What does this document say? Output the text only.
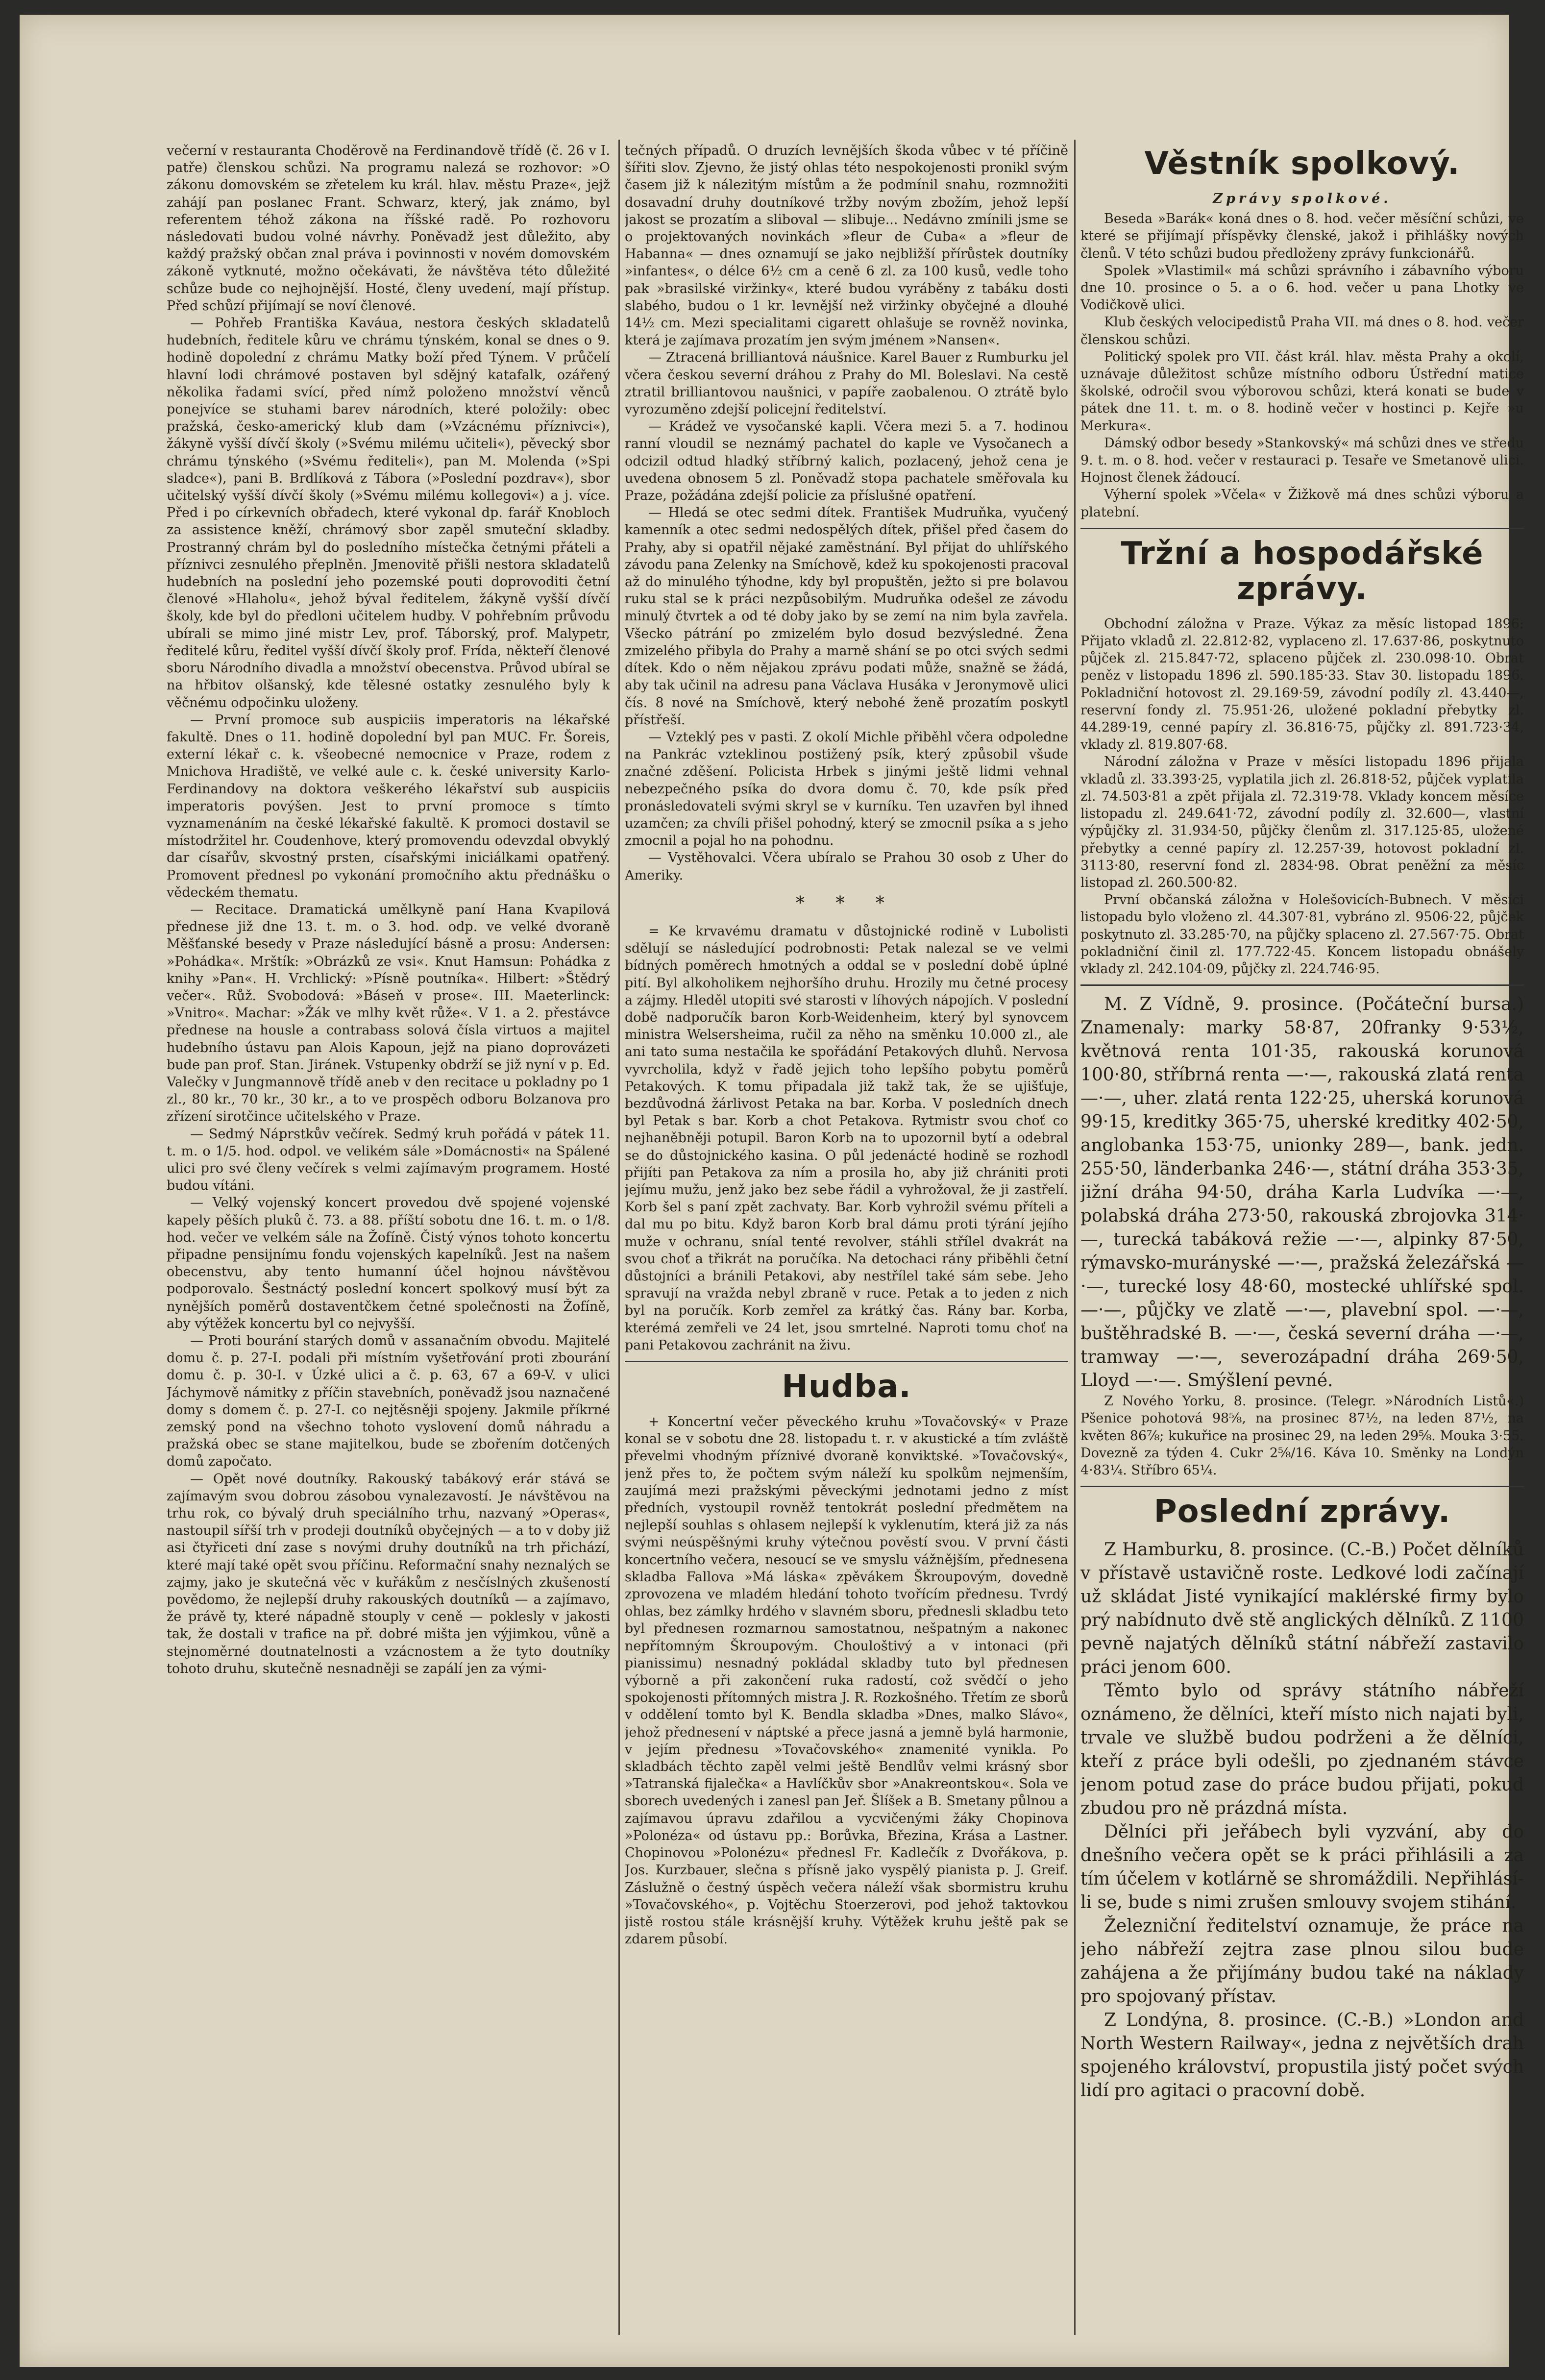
večerní v restauranta Choděrově na Ferdinandově třídě (č. 26 v I. patře) členskou schůzi. Na programu nalezá se rozhovor: »O zákonu domovském se zřetelem ku král. hlav. městu Praze«, jejž zahájí pan poslanec Frant. Schwarz, který, jak známo, byl referentem téhož zákona na říšské radě. Po rozhovoru následovati budou volné návrhy. Poněvadž jest důležito, aby každý pražský občan znal práva i povinnosti v novém domovském zákoně vytknuté, možno očekávati, že návštěva této důležité schůze bude co nejhojnější. Hosté, členy uvedení, mají přístup. Před schůzí přijímají se noví členové.

— Pohřeb Františka Kaváua, nestora českých skladatelů hudebních, ředitele kůru ve chrámu týnském, konal se dnes o 9. hodině dopolední z chrámu Matky boží před Týnem. V průčelí hlavní lodi chrámové postaven byl sdějný katafalk, ozářený několika řadami svící, před nímž položeno množství věnců ponejvíce se stuhami barev národních, které položily: obec pražská, česko-americký klub dam (»Vzácnému příznivci«), žákyně vyšší dívčí školy (»Svému milému učiteli«), pěvecký sbor chrámu týnského (»Svému řediteli«), pan M. Molenda (»Spi sladce«), pani B. Brdlíková z Tábora (»Poslední pozdrav«), sbor učitelský vyšší dívčí školy (»Svému milému kollegovi«) a j. více. Před i po církevních obřadech, které vykonal dp. farář Knobloch za assistence kněží, chrámový sbor zapěl smuteční skladby. Prostranný chrám byl do posledního místečka četnými přáteli a příznivci zesnulého přeplněn. Jmenovitě přišli nestora skladatelů hudebních na poslední jeho pozemské pouti doprovoditi četní členové »Hlaholu«, jehož býval ředitelem, žákyně vyšší dívčí školy, kde byl do předloni učitelem hudby. V pohřebním průvodu ubírali se mimo jiné mistr Lev, prof. Táborský, prof. Malypetr, ředitelé kůru, ředitel vyšší dívčí školy prof. Frída, někteří členové sboru Národního divadla a množství obecenstva. Průvod ubíral se na hřbitov olšanský, kde tělesné ostatky zesnulého byly k věčnému odpočinku uloženy.

— První promoce sub auspiciis imperatoris na lékařské fakultě. Dnes o 11. hodině dopolední byl pan MUC. Fr. Šoreis, externí lékař c. k. všeobecné nemocnice v Praze, rodem z Mnichova Hradiště, ve velké aule c. k. české university Karlo-Ferdinandovy na doktora veškerého lékařství sub auspiciis imperatoris povýšen. Jest to první promoce s tímto vyznamenáním na české lékařské fakultě. K promoci dostavil se místodržitel hr. Coudenhove, který promovendu odevzdal obvyklý dar císařův, skvostný prsten, císařskými iniciálkami opatřený. Promovent přednesl po vykonání promočního aktu přednášku o vědeckém thematu.

— Recitace. Dramatická umělkyně paní Hana Kvapilová přednese již dne 13. t. m. o 3. hod. odp. ve velké dvoraně Měšťanské besedy v Praze následující básně a prosu: Andersen: »Pohádka«. Mrštík: »Obrázků ze vsi«. Knut Hamsun: Pohádka z knihy »Pan«. H. Vrchlický: »Písně poutníka«. Hilbert: »Štědrý večer«. Růž. Svobodová: »Báseň v prose«. III. Maeterlinck: »Vnitro«. Machar: »Žák ve mlhy květ růže«. V 1. a 2. přestávce přednese na housle a contrabass solová čísla virtuos a majitel hudebního ústavu pan Alois Kapoun, jejž na piano doprovázeti bude pan prof. Stan. Jiránek. Vstupenky obdrží se již nyní v p. Ed. Valečky v Jungmannově třídě aneb v den recitace u pokladny po 1 zl., 80 kr., 70 kr., 30 kr., a to ve prospěch odboru Bolzanova pro zřízení sirotčince učitelského v Praze.

— Sedmý Náprstkův večírek. Sedmý kruh pořádá v pátek 11. t. m. o 1/5. hod. odpol. ve velikém sále »Domácnosti« na Spálené ulici pro své členy večírek s velmi zajímavým programem. Hosté budou vítáni.

— Velký vojenský koncert provedou dvě spojené vojenské kapely pěších pluků č. 73. a 88. příští sobotu dne 16. t. m. o 1/8. hod. večer ve velkém sále na Žofíně. Čistý výnos tohoto koncertu připadne pensijnímu fondu vojenských kapelníků. Jest na našem obecenstvu, aby tento humanní účel hojnou návštěvou podporovalo. Šestnáctý poslední koncert spolkový musí být za nynějších poměrů dostaventčkem četné společnosti na Žofíně, aby výtěžek koncertu byl co nejvyšší.

— Proti bourání starých domů v assanačním obvodu. Majitelé domu č. p. 27-I. podali při místním vyšetřování proti zbourání domu č. p. 30-I. v Úzké ulici a č. p. 63, 67 a 69-V. v ulici Jáchymově námitky z příčin stavebních, poněvadž jsou naznačené domy s domem č. p. 27-I. co nejtěsněji spojeny. Jakmile příkrné zemský pond na všechno tohoto vyslovení domů náhradu a pražská obec se stane majitelkou, bude se zbořením dotčených domů započato.

— Opět nové doutníky. Rakouský tabákový erár stává se zajímavým svou dobrou zásobou vynalezavostí. Je návštěvou na trhu rok, co bývalý druh speciálního trhu, nazvaný »Operas«, nastoupil sířší trh v prodeji doutníků obyčejných — a to v doby již asi čtyřiceti dní zase s novými druhy doutníků na trh přichází, které mají také opět svou příčinu. Reformační snahy neznalých se zajmy, jako je skutečná věc v kuřákům z nesčíslných zkušeností povědomo, že nejlepší druhy rakouských doutníků — a zajímavo, že právě ty, které nápadně stouply v ceně — poklesly v jakosti tak, že dostali v trafice na př. dobré mišta jen výjimkou, vůně a stejnoměrné doutnatelnosti a vzácnostem a že tyto doutníky tohoto druhu, skutečně nesnadněji se zapálí jen za vými-

tečných případů. O druzích levnějších škoda vůbec v té příčině šířiti slov. Zjevno, že jistý ohlas této nespokojenosti pronikl svým časem již k nálezitým místům a že podmínil snahu, rozmnožiti dosavadní druhy doutníkové tržby novým zbožím, jehož lepší jakost se prozatím a sliboval — slibuje... Nedávno zmínili jsme se o projektovaných novinkách »fleur de Cuba« a »fleur de Habanna« — dnes oznamují se jako nejbližší přírůstek doutníky »infantes«, o délce 6½ cm a ceně 6 zl. za 100 kusů, vedle toho pak »brasilské viržinky«, které budou vyráběny z tabáku dosti slabého, budou o 1 kr. levnější než viržinky obyčejné a dlouhé 14½ cm. Mezi specialitami cigarett ohlašuje se rovněž novinka, která je zajímava prozatím jen svým jménem »Nansen«.

— Ztracená brilliantová náušnice. Karel Bauer z Rumburku jel včera českou severní dráhou z Prahy do Ml. Boleslavi. Na cestě ztratil brilliantovou naušnici, v papíře zaobalenou. O ztrátě bylo vyrozuměno zdejší policejní ředitelství.

— Krádež ve vysočanské kapli. Včera mezi 5. a 7. hodinou ranní vloudil se neznámý pachatel do kaple ve Vysočanech a odcizil odtud hladký stříbrný kalich, pozlacený, jehož cena je uvedena obnosem 5 zl. Poněvadž stopa pachatele směřovala ku Praze, požádána zdejší policie za příslušné opatření.

— Hledá se otec sedmi dítek. František Mudruňka, vyučený kamenník a otec sedmi nedospělých dítek, přišel před časem do Prahy, aby si opatřil nějaké zaměstnání. Byl přijat do uhlířského závodu pana Zelenky na Smíchově, kdež ku spokojenosti pracoval až do minulého týhodne, kdy byl propuštěn, ježto si pre bolavou ruku stal se k práci nezpůsobilým. Mudruňka odešel ze závodu minulý čtvrtek a od té doby jako by se zemí na nim byla zavřela. Všecko pátrání po zmizelém bylo dosud bezvýsledné. Žena zmizelého přibyla do Prahy a marně shání se po otci svých sedmi dítek. Kdo o něm nějakou zprávu podati může, snažně se žádá, aby tak učinil na adresu pana Václava Husáka v Jeronymově ulici čís. 8 nové na Smíchově, který nebohé ženě prozatím poskytl přístřeší.

— Vzteklý pes v pasti. Z okolí Michle přiběhl včera odpoledne na Pankrác vzteklinou postižený psík, který způsobil všude značné zděšení. Policista Hrbek s jinými ještě lidmi vehnal nebezpečného psíka do dvora domu č. 70, kde psík před pronásledovateli svými skryl se v kurníku. Ten uzavřen byl ihned uzamčen; za chvíli přišel pohodný, který se zmocnil psíka a s jeho zmocnil a pojal ho na pohodnu.

— Vystěhovalci. Včera ubíralo se Prahou 30 osob z Uher do Ameriky.

* * *

= Ke krvavému dramatu v důstojnické rodině v Lubolisti sdělují se následující podrobnosti: Petak nalezal se ve velmi bídných poměrech hmotných a oddal se v poslední době úplné pití. Byl alkoholikem nejhoršího druhu. Hrozily mu četné procesy a zájmy. Hleděl utopiti své starosti v líhových nápojích. V poslední době nadporučík baron Korb-Weidenheim, který byl synovcem ministra Welsersheima, ručil za něho na směnku 10.000 zl., ale ani tato suma nestačila ke spořádání Petakových dluhů. Nervosa vyvrcholila, když v řadě jejich toho lepšího pobytu poměrů Petakových. K tomu připadala již takž tak, že se ujišťuje, bezdůvodná žárlivost Petaka na bar. Korba. V posledních dnech byl Petak s bar. Korb a chot Petakova. Rytmistr svou choť co nejhaněbněji potupil. Baron Korb na to upozornil bytí a odebral se do důstojnického kasina. O půl jedenácté hodině se rozhodl přijíti pan Petakova za ním a prosila ho, aby již chrániti proti jejímu mužu, jenž jako bez sebe řádil a vyhrožoval, že ji zastřelí. Korb šel s paní zpět zachvaty. Bar. Korb vyhrožil svému příteli a dal mu po bitu. Když baron Korb bral dámu proti týrání jejího muže v ochranu, sníal tenté revolver, stáhli střílel dvakrát na svou choť a třikrát na poručíka. Na detochaci rány přiběhli četní důstojníci a bránili Petakovi, aby nestřílel také sám sebe. Jeho spravují na vražda nebyl zbraně v ruce. Petak a to jeden z nich byl na poručík. Korb zemřel za krátký čas. Rány bar. Korba, kterémá zemřeli ve 24 let, jsou smrtelné. Naproti tomu choť na pani Petakovou zachránit na živu.

Hudba.

+ Koncertní večer pěveckého kruhu »Tovačovský« v Praze konal se v sobotu dne 28. listopadu t. r. v akustické a tím zvláště převelmi vhodným příznivé dvoraně konviktské. »Tovačovský«, jenž přes to, že počtem svým náleží ku spolkům nejmenším, zaujímá mezi pražskými pěveckými jednotami jedno z míst předních, vystoupil rovněž tentokrát poslední předmětem na nejlepší souhlas s ohlasem nejlepší k vyklenutím, která již za nás svými neúspěšnými kruhy výtečnou pověstí svou. V první části koncertního večera, nesoucí se ve smyslu vážnějším, přednesena skladba Fallova »Má láska« zpěvákem Škroupovým, dovedně zprovozena ve mladém hledání tohoto tvořícím přednesu. Tvrdý ohlas, bez zámlky hrdého v slavném sboru, přednesli skladbu teto byl přednesen rozmarnou samostatnou, nešpatným a nakonec nepřítomným Škroupovým. Chouloštivý a v intonaci (při pianissimu) nesnadný pokládal skladby tuto byl přednesen výborně a při zakončení ruka radostí, což svědčí o jeho spokojenosti přítomných mistra J. R. Rozkošného. Třetím ze sborů v oddělení tomto byl K. Bendla skladba »Dnes, malko Slávo«, jehož přednesení v náptské a přece jasná a jemně bylá harmonie, v jejím přednesu »Tovačovského« znamenité vynikla. Po skladbách těchto zapěl velmi ještě Bendlův velmi krásný sbor »Tatranská fijalečka« a Havlíčkův sbor »Anakreontskou«. Sola ve sborech uvedených i zanesl pan Jeř. Šlíšek a B. Smetany půlnou a zajímavou úpravu zdařilou a vycvičenými žáky Chopinova »Polonéza« od ústavu pp.: Borůvka, Březina, Krása a Lastner. Chopinovou »Polonézu« přednesl Fr. Kadlečík z Dvořákova, p. Jos. Kurzbauer, slečna s přísně jako vyspělý pianista p. J. Greif. Záslužně o čestný úspěch večera náleží však sbormistru kruhu »Tovačovského«, p. Vojtěchu Stoerzerovi, pod jehož taktovkou jistě rostou stále krásnější kruhy. Výtěžek kruhu ještě pak se zdarem působí.

Věstník spolkový.
Zprávy spolkové.

Beseda »Barák« koná dnes o 8. hod. večer měsíční schůzi, ve které se přijímají příspěvky členské, jakož i přihlášky nových členů. V této schůzi budou předloženy zprávy funkcionářů.

Spolek »Vlastimil« má schůzi správního i zábavního výboru dne 10. prosince o 5. a o 6. hod. večer u pana Lhotky ve Vodičkově ulici.

Klub českých velocipedistů Praha VII. má dnes o 8. hod. večer členskou schůzi.

Politický spolek pro VII. část král. hlav. města Prahy a okolí, uznávaje důležitost schůze místního odboru Ústřední matice školské, odročil svou výborovou schůzi, která konati se bude v pátek dne 11. t. m. o 8. hodině večer v hostinci p. Kejře »u Merkura«.

Dámský odbor besedy »Stankovský« má schůzi dnes ve středu 9. t. m. o 8. hod. večer v restauraci p. Tesaře ve Smetanově ulici. Hojnost členek žádoucí.

Výherní spolek »Včela« v Žižkově má dnes schůzi výboru a platební.

Tržní a hospodářské zprávy.

Obchodní záložna v Praze. Výkaz za měsíc listopad 1896: Přijato vkladů zl. 22.812·82, vyplaceno zl. 17.637·86, poskytnuto půjček zl. 215.847·72, splaceno půjček zl. 230.098·10. Obrat peněz v listopadu 1896 zl. 590.185·33. Stav 30. listopadu 1896. Pokladniční hotovost zl. 29.169·59, závodní podíly zl. 43.440—, reservní fondy zl. 75.951·26, uložené pokladní přebytky zl. 44.289·19, cenné papíry zl. 36.816·75, půjčky zl. 891.723·34, vklady zl. 819.807·68.

Národní záložna v Praze v měsíci listopadu 1896 přijala vkladů zl. 33.393·25, vyplatila jich zl. 26.818·52, půjček vyplatila zl. 74.503·81 a zpět přijala zl. 72.319·78. Vklady koncem měsíce listopadu zl. 249.641·72, závodní podíly zl. 32.600—, vlastní výpůjčky zl. 31.934·50, půjčky členům zl. 317.125·85, uložené přebytky a cenné papíry zl. 12.257·39, hotovost pokladní zl. 3113·80, reservní fond zl. 2834·98. Obrat peněžní za měsíc listopad zl. 260.500·82.

První občanská záložna v Holešovicích-Bubnech. V měsíci listopadu bylo vloženo zl. 44.307·81, vybráno zl. 9506·22, půjček poskytnuto zl. 33.285·70, na půjčky splaceno zl. 27.567·75. Obrat pokladniční činil zl. 177.722·45. Koncem listopadu obnášely vklady zl. 242.104·09, půjčky zl. 224.746·95.

M. Z Vídně, 9. prosince. (Počáteční bursa.) Znamenaly: marky 58·87, 20franky 9·53½, květnová renta 101·35, rakouská korunová 100·80, stříbrná renta —·—, rakouská zlatá renta —·—, uher. zlatá renta 122·25, uherská korunová 99·15, kreditky 365·75, uherské kreditky 402·50, anglobanka 153·75, unionky 289—, bank. jedn. 255·50, länderbanka 246·—, státní dráha 353·35, jižní dráha 94·50, dráha Karla Ludvíka —·—, polabská dráha 273·50, rakouská zbrojovka 314·—, turecká tabáková režie —·—, alpinky 87·50, rýmavsko-murányské —·—, pražská železářská —·—, turecké losy 48·60, mostecké uhlířské spol. —·—, půjčky ve zlatě —·—, plavební spol. —·—, buštěhradské B. —·—, česká severní dráha —·—, tramway —·—, severozápadní dráha 269·50, Lloyd —·—. Smýšlení pevné.

Z Nového Yorku, 8. prosince. (Telegr. »Národních Listů«.) Pšenice pohotová 98⅝, na prosinec 87½, na leden 87½, na květen 86⅞; kukuřice na prosinec 29, na leden 29⅝. Mouka 3·55. Dovezně za týden 4. Cukr 2⅝/16. Káva 10. Směnky na Londýn 4·83¼. Stříbro 65¼.

Poslední zprávy.

Z Hamburku, 8. prosince. (C.-B.) Počet dělníků v přístavě ustavičně roste. Ledkové lodi začínají už skládat Jisté vynikající maklérské firmy bylo prý nabídnuto dvě stě anglických dělníků. Z 1100 pevně najatých dělníků státní nábřeží zastavilo práci jenom 600.

Těmto bylo od správy státního nábřeží oznámeno, že dělníci, kteří místo nich najati byli, trvale ve službě budou podrženi a že dělníci, kteří z práce byli odešli, po zjednaném stávce jenom potud zase do práce budou přijati, pokud zbudou pro ně prázdná místa.

Dělníci při jeřábech byli vyzvání, aby do dnešního večera opět se k práci přihlásili a za tím účelem v kotlárně se shromáždili. Nepřihlásí-li se, bude s nimi zrušen smlouvy svojem stihání.

Železniční ředitelství oznamuje, že práce na jeho nábřeží zejtra zase plnou silou bude zahájena a že přijímány budou také na náklady pro spojovaný přístav.

Z Londýna, 8. prosince. (C.-B.) »London and North Western Railway«, jedna z největších drah spojeného království, propustila jistý počet svých lidí pro agitaci o pracovní době.
